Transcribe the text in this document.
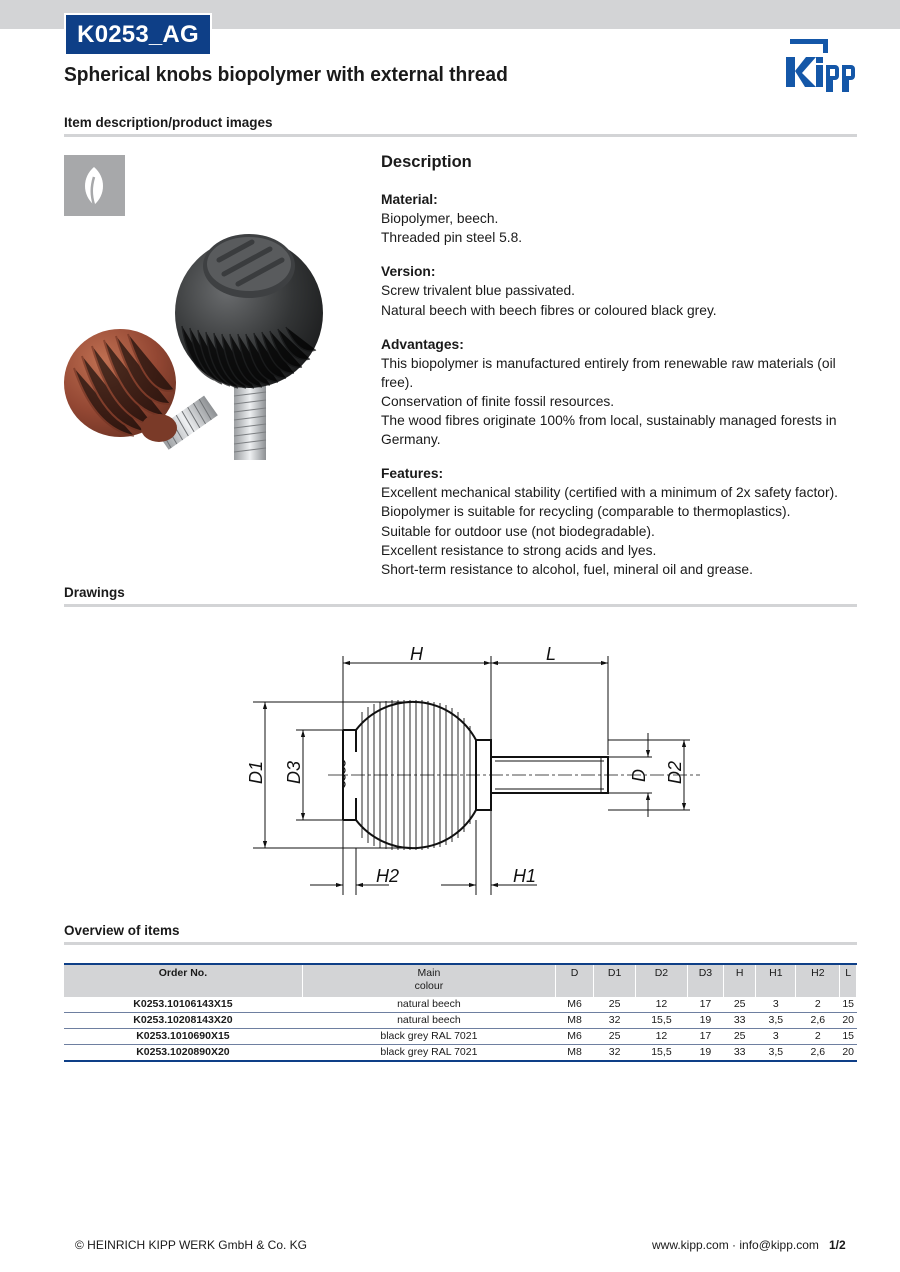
K0253_AG
Spherical knobs biopolymer with external thread
Item description/product images
Description
Material:
Biopolymer, beech.
Threaded pin steel 5.8.
Version:
Screw trivalent blue passivated.
Natural beech with beech fibres or coloured black grey.
Advantages:
This biopolymer is manufactured entirely from renewable raw materials (oil free).
Conservation of finite fossil resources.
The wood fibres originate 100% from local, sustainably managed forests in
Germany.
Features:
Excellent mechanical stability (certified with a minimum of 2x safety factor).
Biopolymer is suitable for recycling (comparable to thermoplastics).
Suitable for outdoor use (not biodegradable).
Excellent resistance to strong acids and lyes.
Short-term resistance to alcohol, fuel, mineral oil and grease.
Drawings
H	L
H2	H1
D1 D3	D D2
Overview of items
Order No.	Main
colour	D	D1	D2	D3	H	H1	H2	L
K0253.10106143X15	natural beech	M6	25	12	17	25	3	2	15
K0253.10208143X20	natural beech	M8	32	15,5	19	33	3,5	2,6	20
K0253.1010690X15	black grey RAL 7021	M6	25	12	17	25	3	2	15
K0253.1020890X20	black grey RAL 7021	M8	32	15,5	19	33	3,5	2,6	20
© HEINRICH KIPP WERK GmbH & Co. KG	www.kipp.com · info@kipp.com 1/2
